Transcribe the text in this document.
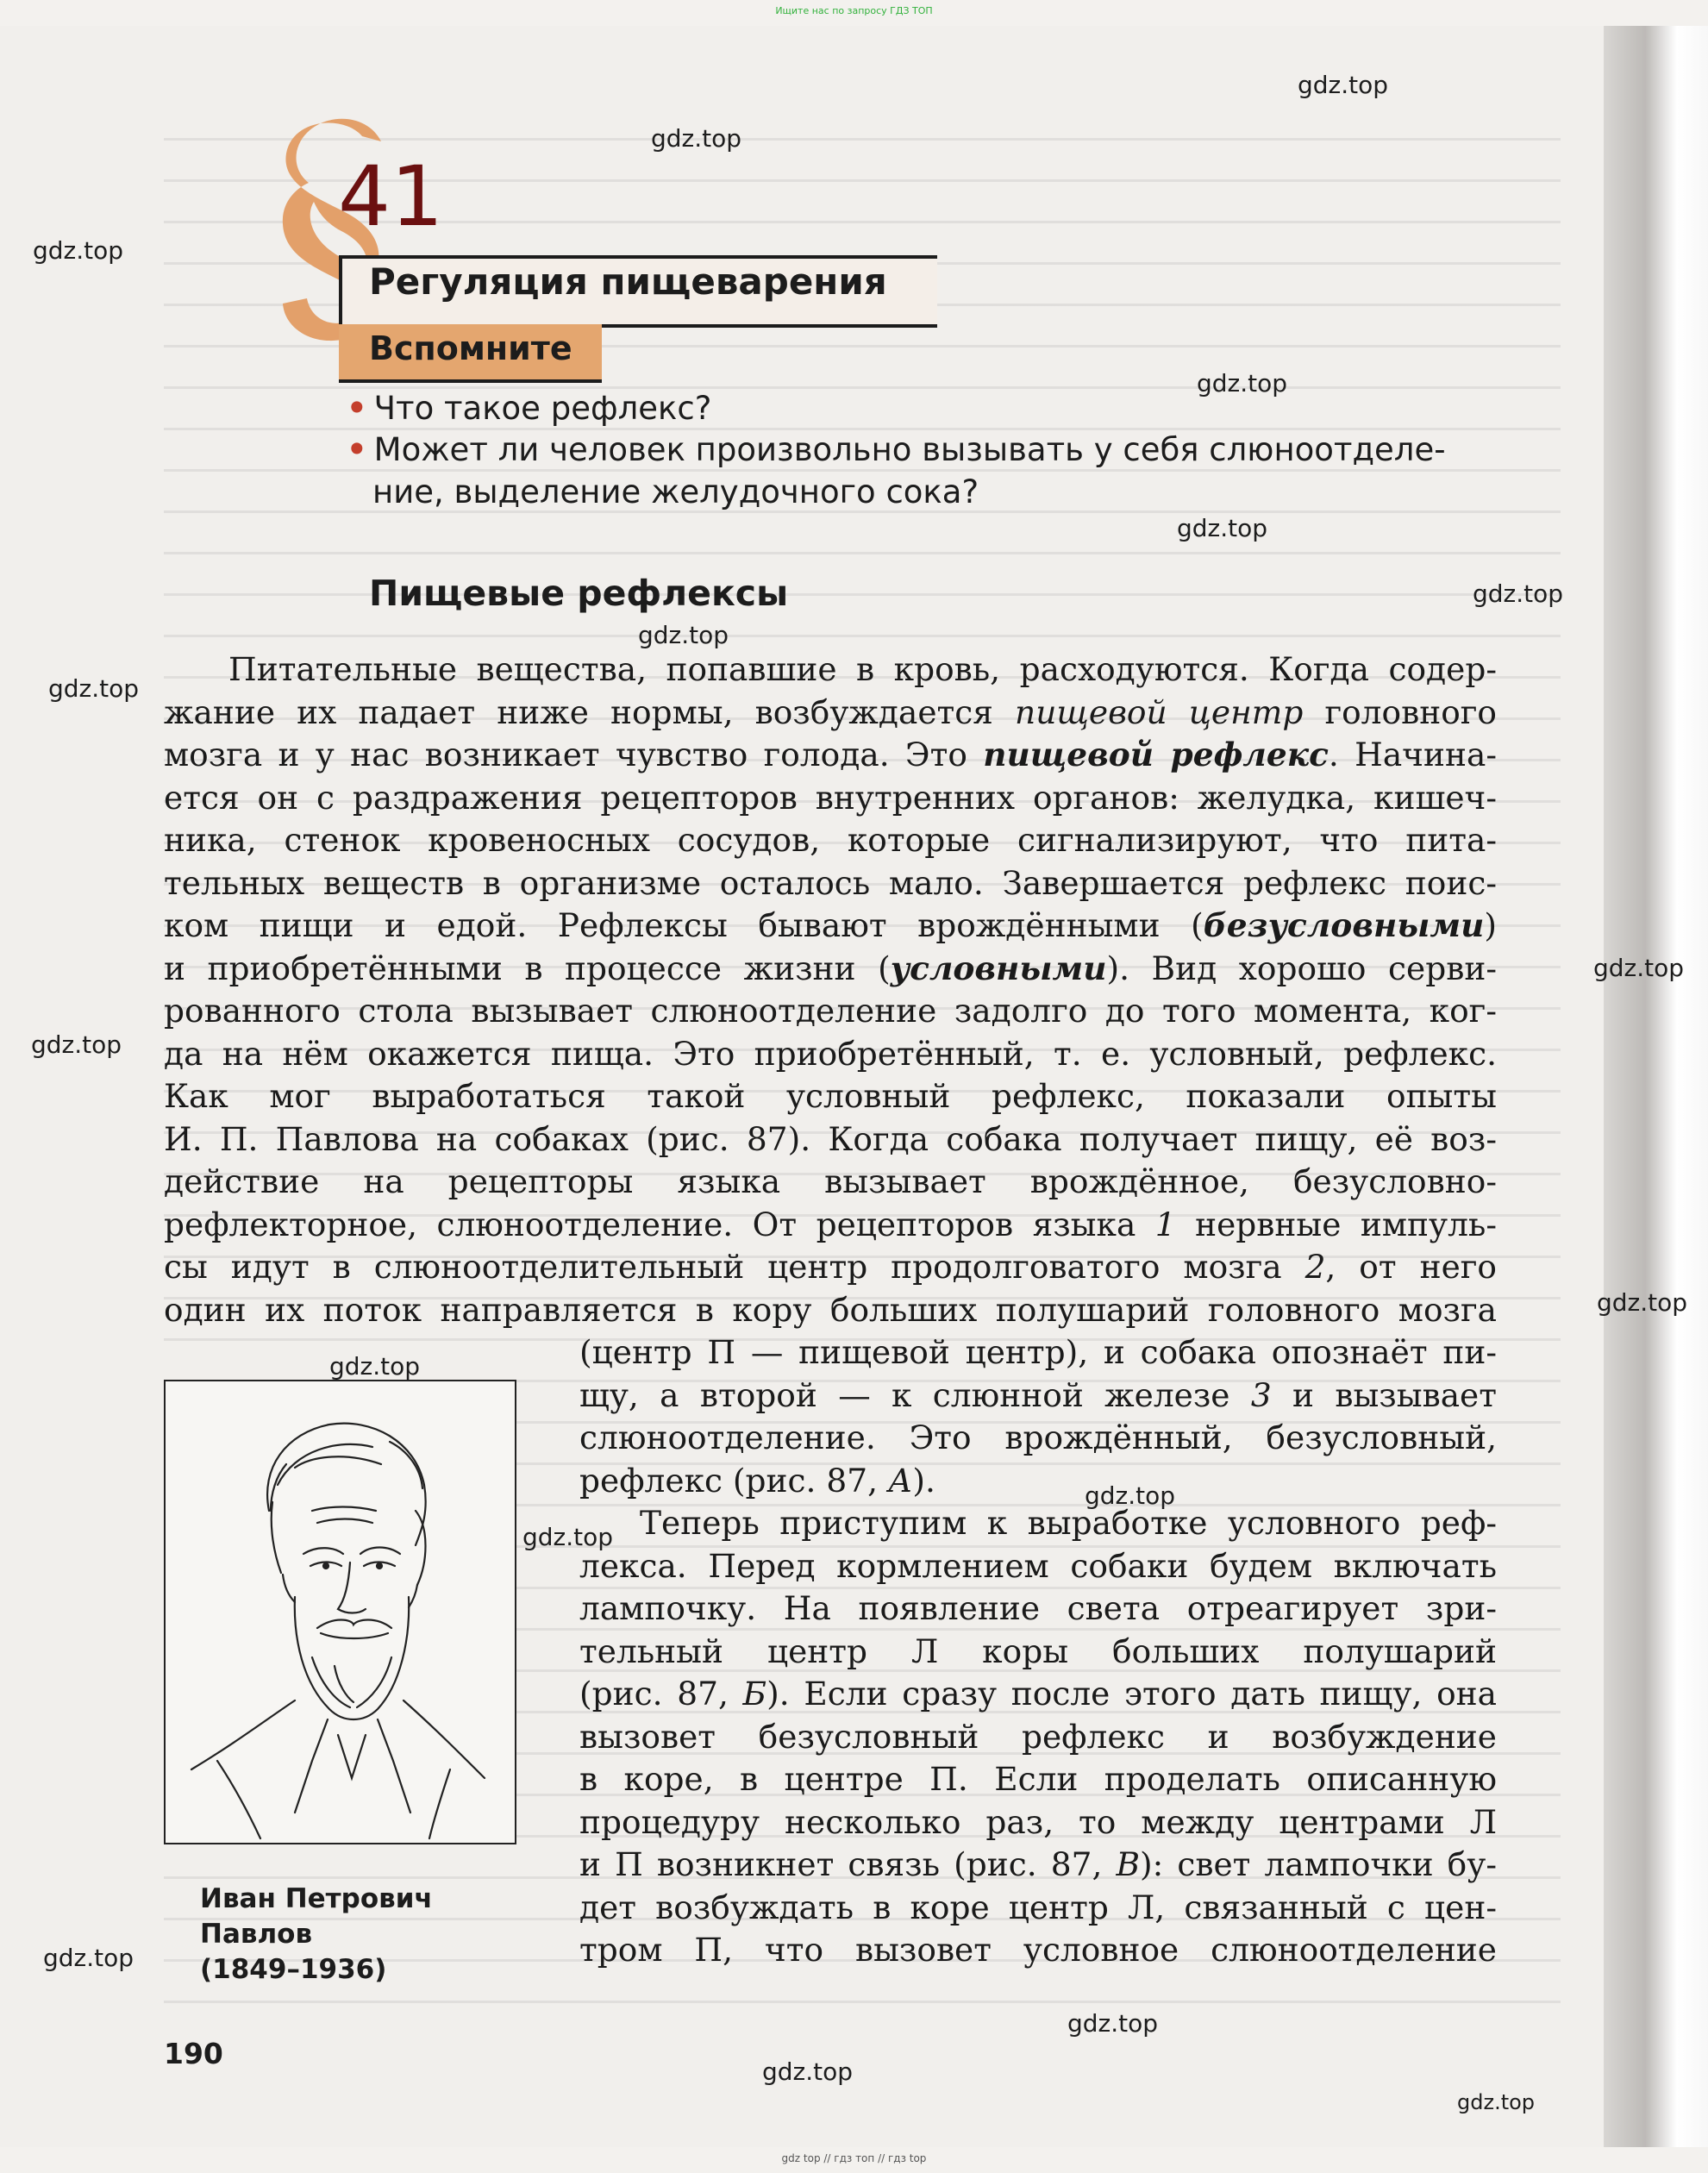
Ищите нас по запросу ГДЗ ТОП
41
Регуляция пищеварения
Вспомните
• Что такое рефлекс?
• Может ли человек произвольно вызывать у себя слюноотделе-
ние, выделение желудочного сока?
Пищевые рефлексы
Питательные вещества, попавшие в кровь, расходуются. Когда содер-
жание их падает ниже нормы, возбуждается пищевой центр головного
мозга и у нас возникает чувство голода. Это пищевой рефлекс. Начина-
ется он с раздражения рецепторов внутренних органов: желудка, кишеч-
ника, стенок кровеносных сосудов, которые сигнализируют, что пита-
тельных веществ в организме осталось мало. Завершается рефлекс поис-
ком пищи и едой. Рефлексы бывают врождёнными (безусловными)
и приобретёнными в процессе жизни (условными). Вид хорошо серви-
рованного стола вызывает слюноотделение задолго до того момента, ког-
да на нём окажется пища. Это приобретённый, т. е. условный, рефлекс.
Как мог выработаться такой условный рефлекс, показали опыты
И. П. Павлова на собаках (рис. 87). Когда собака получает пищу, её воз-
действие на рецепторы языка вызывает врождённое, безусловно-
рефлекторное, слюноотделение. От рецепторов языка 1 нервные импуль-
сы идут в слюноотделительный центр продолговатого мозга 2, от него
один их поток направляется в кору больших полушарий головного мозга
(центр П — пищевой центр), и собака опознаёт пи-
щу, а второй — к слюнной железе 3 и вызывает
слюноотделение. Это врождённый, безусловный,
рефлекс (рис. 87, А).
Теперь приступим к выработке условного реф-
лекса. Перед кормлением собаки будем включать
лампочку. На появление света отреагирует зри-
тельный центр Л коры больших полушарий
(рис. 87, Б). Если сразу после этого дать пищу, она
вызовет безусловный рефлекс и возбуждение
в коре, в центре П. Если проделать описанную
процедуру несколько раз, то между центрами Л
и П возникнет связь (рис. 87, В): свет лампочки бу-
дет возбуждать в коре центр Л, связанный с цен-
тром П, что вызовет условное слюноотделение
Иван Петрович
Павлов
(1849–1936)
190
gdz.top
gdz.top
gdz.top
gdz.top
gdz.top
gdz.top
gdz.top
gdz.top
gdz.top
gdz.top
gdz.top
gdz.top
gdz.top
gdz.top
gdz.top
gdz.top
gdz.top
gdz.top
gdz top // гдз топ // гдз top
